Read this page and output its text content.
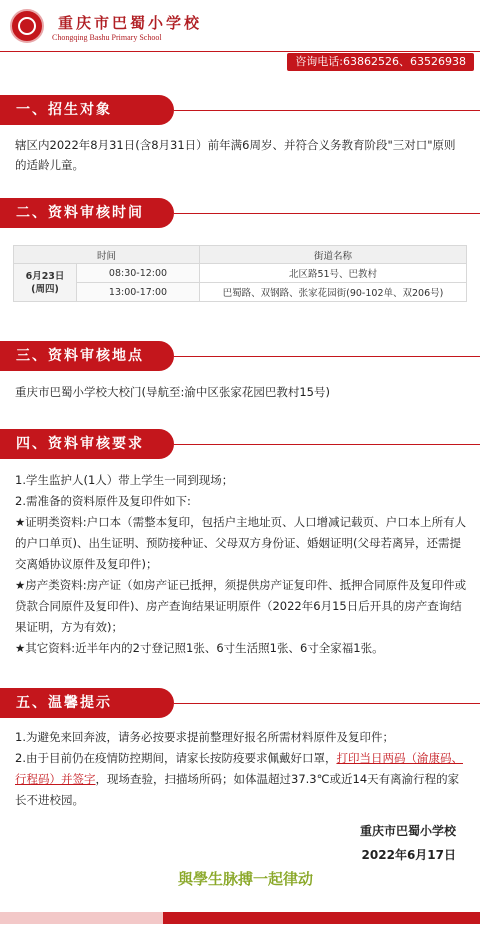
重庆市巴蜀小学校
Chongqing Bashu Primary School
咨询电话:63862526、63526938
一、招生对象
辖区内2022年8月31日(含8月31日）前年满6周岁、并符合义务教育阶段"三对口"原则的适龄儿童。
二、资料审核时间
时间		街道名称
6月23日
(周四)	08:30-12:00	北区路51号、巴教村
	13:00-17:00	巴蜀路、双钢路、张家花园街(90-102单、双206号)
三、资料审核地点
重庆市巴蜀小学校大校门(导航至:渝中区张家花园巴教村15号)
四、资料审核要求
1.学生监护人(1人）带上学生一同到现场；
2.需准备的资料原件及复印件如下:
★证明类资料:户口本（需整本复印，包括户主地址页、人口增减记载页、户口本上所有人的户口单页)、出生证明、预防接种证、父母双方身份证、婚姻证明(父母若离异，还需提交离婚协议原件及复印件)；
★房产类资料:房产证（如房产证已抵押，须提供房产证复印件、抵押合同原件及复印件或贷款合同原件及复印件)、房产查询结果证明原件（2022年6月15日后开具的房产查询结果证明，方为有效)；
★其它资料:近半年内的2寸登记照1张、6寸生活照1张、6寸全家福1张。
五、温馨提示
1.为避免来回奔波，请务必按要求提前整理好报名所需材料原件及复印件；
2.由于目前仍在疫情防控期间，请家长按防疫要求佩戴好口罩，打印当日两码（渝康码、行程码）并签字，现场查验，扫描场所码；如体温超过37.3℃或近14天有离渝行程的家长不进校园。
重庆市巴蜀小学校
2022年6月17日
與學生脉搏一起律动
